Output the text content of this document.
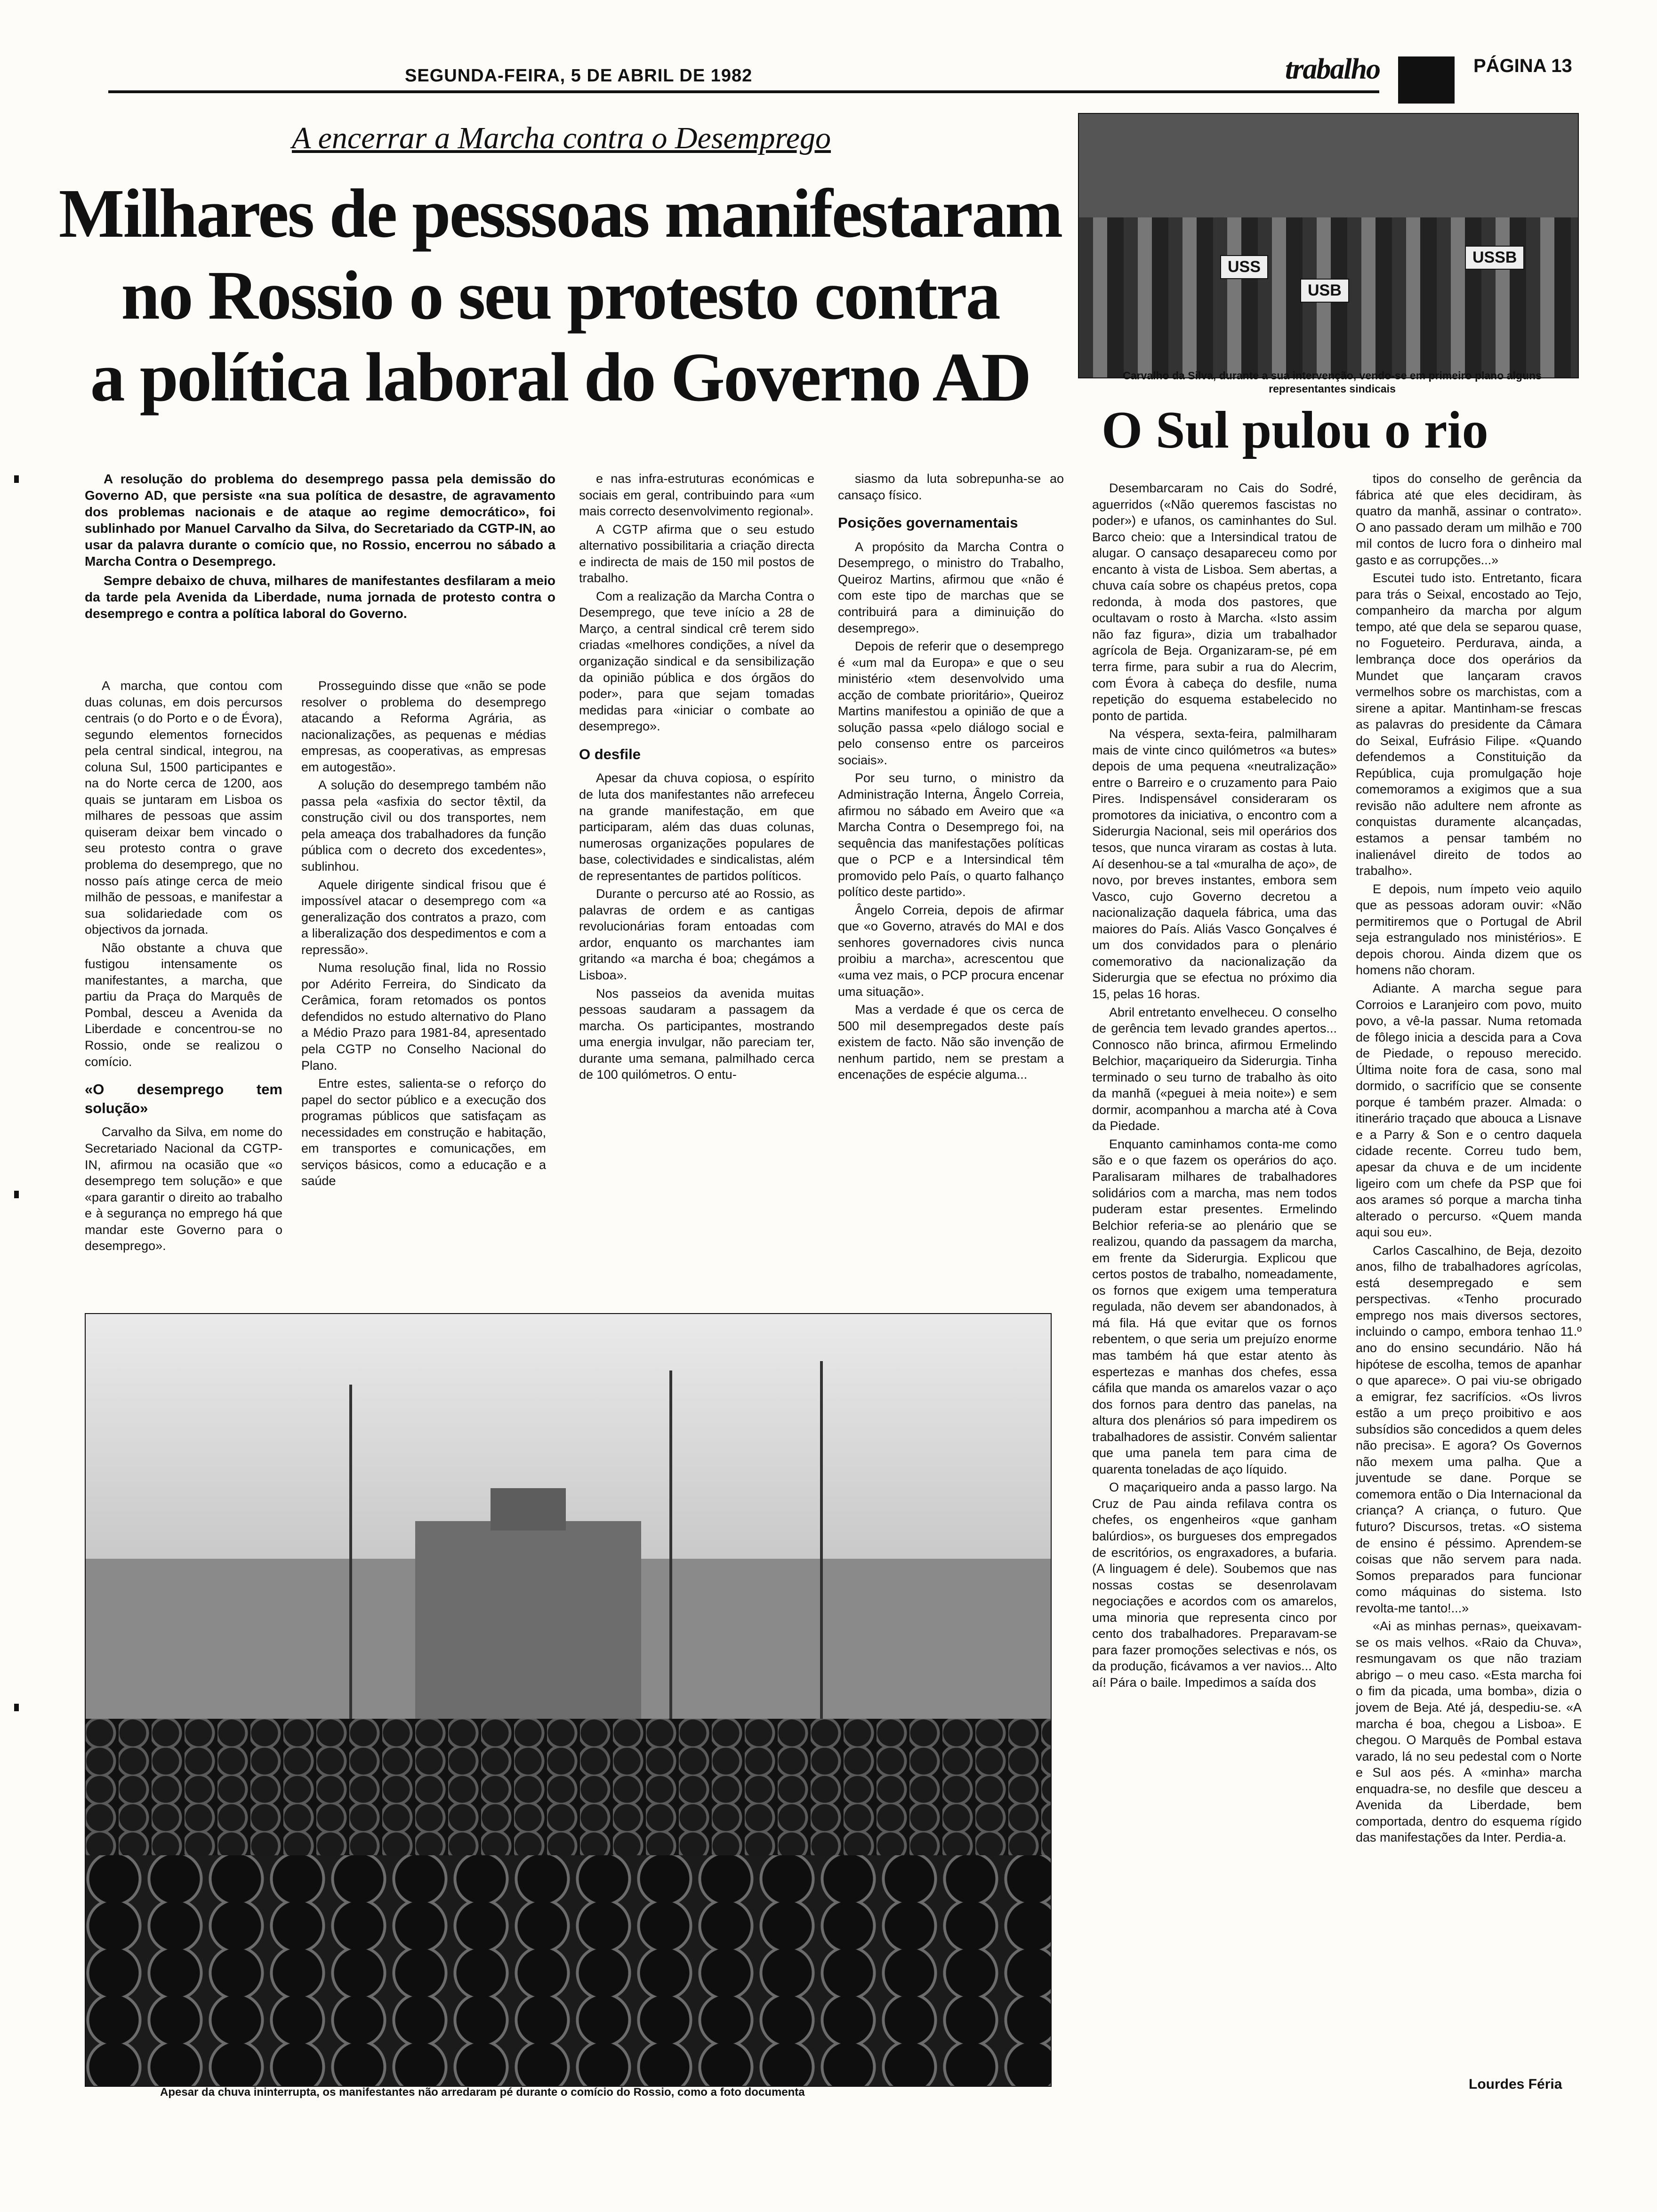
SEGUNDA-FEIRA, 5 DE ABRIL DE 1982	trabalho	PÁGINA 13
A encerrar a Marcha contra o Desemprego
Milhares de pesssoas manifestaram
no Rossio o seu protesto contra
a política laboral do Governo AD

A resolução do problema do desemprego passa pela demissão do Governo AD, que persiste «na sua política de desastre, de agravamento dos problemas nacionais e de ataque ao regime democrático», foi sublinhado por Manuel Carvalho da Silva, do Secretariado da CGTP-IN, ao usar da palavra durante o comício que, no Rossio, encerrou no sábado a Marcha Contra o Desemprego.

Sempre debaixo de chuva, milhares de manifestantes desfilaram a meio da tarde pela Avenida da Liberdade, numa jornada de protesto contra o desemprego e contra a política laboral do Governo.

A marcha, que contou com duas colunas, em dois percursos centrais (o do Porto e o de Évora), segundo elementos fornecidos pela central sindical, integrou, na coluna Sul, 1500 participantes e na do Norte cerca de 1200, aos quais se juntaram em Lisboa os milhares de pessoas que assim quiseram deixar bem vincado o seu protesto contra o grave problema do desemprego, que no nosso país atinge cerca de meio milhão de pessoas, e manifestar a sua solidariedade com os objectivos da jornada.

Não obstante a chuva que fustigou intensamente os manifestantes, a marcha, que partiu da Praça do Marquês de Pombal, desceu a Avenida da Liberdade e concentrou-se no Rossio, onde se realizou o comício.

«O desemprego tem solução»

Carvalho da Silva, em nome do Secretariado Nacional da CGTP-IN, afirmou na ocasião que «o desemprego tem solução» e que «para garantir o direito ao trabalho e à segurança no emprego há que mandar este Governo para o desemprego».

Prosseguindo disse que «não se pode resolver o problema do desemprego atacando a Reforma Agrária, as nacionalizações, as pequenas e médias empresas, as cooperativas, as empresas em autogestão».

A solução do desemprego também não passa pela «asfixia do sector têxtil, da construção civil ou dos transportes, nem pela ameaça dos trabalhadores da função pública com o decreto dos excedentes», sublinhou.

Aquele dirigente sindical frisou que é impossível atacar o desemprego com «a generalização dos contratos a prazo, com a liberalização dos despedimentos e com a repressão».

Numa resolução final, lida no Rossio por Adérito Ferreira, do Sindicato da Cerâmica, foram retomados os pontos defendidos no estudo alternativo do Plano a Médio Prazo para 1981-84, apresentado pela CGTP no Conselho Nacional do Plano.

Entre estes, salienta-se o reforço do papel do sector público e a execução dos programas públicos que satisfaçam as necessidades em construção e habitação, em transportes e comunicações, em serviços básicos, como a educação e a saúde

e nas infra-estruturas económicas e sociais em geral, contribuindo para «um mais correcto desenvolvimento regional».

A CGTP afirma que o seu estudo alternativo possibilitaria a criação directa e indirecta de mais de 150 mil postos de trabalho.

Com a realização da Marcha Contra o Desemprego, que teve início a 28 de Março, a central sindical crê terem sido criadas «melhores condições, a nível da organização sindical e da sensibilização da opinião pública e dos órgãos do poder», para que sejam tomadas medidas para «iniciar o combate ao desemprego».

O desfile

Apesar da chuva copiosa, o espírito de luta dos manifestantes não arrefeceu na grande manifestação, em que participaram, além das duas colunas, numerosas organizações populares de base, colectividades e sindicalistas, além de representantes de partidos políticos.

Durante o percurso até ao Rossio, as palavras de ordem e as cantigas revolucionárias foram entoadas com ardor, enquanto os marchantes iam gritando «a marcha é boa; chegámos a Lisboa».

Nos passeios da avenida muitas pessoas saudaram a passagem da marcha. Os participantes, mostrando uma energia invulgar, não pareciam ter, durante uma semana, palmilhado cerca de 100 quilómetros. O entu-

siasmo da luta sobrepunha-se ao cansaço físico.

Posições governamentais

A propósito da Marcha Contra o Desemprego, o ministro do Trabalho, Queiroz Martins, afirmou que «não é com este tipo de marchas que se contribuirá para a diminuição do desemprego».

Depois de referir que o desemprego é «um mal da Europa» e que o seu ministério «tem desenvolvido uma acção de combate prioritário», Queiroz Martins manifestou a opinião de que a solução passa «pelo diálogo social e pelo consenso entre os parceiros sociais».

Por seu turno, o ministro da Administração Interna, Ângelo Correia, afirmou no sábado em Aveiro que «a Marcha Contra o Desemprego foi, na sequência das manifestações políticas que o PCP e a Intersindical têm promovido pelo País, o quarto falhanço político deste partido».

Ângelo Correia, depois de afirmar que «o Governo, através do MAI e dos senhores governadores civis nunca proibiu a marcha», acrescentou que «uma vez mais, o PCP procura encenar uma situação».

Mas a verdade é que os cerca de 500 mil desempregados deste país existem de facto. Não são invenção de nenhum partido, nem se prestam a encenações de espécie alguma...

Apesar da chuva ininterrupta, os manifestantes não arredaram pé durante o comício do Rossio, como a foto documenta
USS
USB
USSB
Carvalho da Silva, durante a sua intervenção, vendo-se em primeiro plano alguns representantes sindicais
O Sul pulou o rio

Desembarcaram no Cais do Sodré, aguerridos («Não queremos fascistas no poder») e ufanos, os caminhantes do Sul. Barco cheio: que a Intersindical tratou de alugar. O cansaço desapareceu como por encanto à vista de Lisboa. Sem abertas, a chuva caía sobre os chapéus pretos, copa redonda, à moda dos pastores, que ocultavam o rosto à Marcha. «Isto assim não faz figura», dizia um trabalhador agrícola de Beja. Organizaram-se, pé em terra firme, para subir a rua do Alecrim, com Évora à cabeça do desfile, numa repetição do esquema estabelecido no ponto de partida.

Na véspera, sexta-feira, palmilharam mais de vinte cinco quilómetros «a butes» depois de uma pequena «neutralização» entre o Barreiro e o cruzamento para Paio Pires. Indispensável consideraram os promotores da iniciativa, o encontro com a Siderurgia Nacional, seis mil operários dos tesos, que nunca viraram as costas à luta. Aí desenhou-se a tal «muralha de aço», de novo, por breves instantes, embora sem Vasco, cujo Governo decretou a nacionalização daquela fábrica, uma das maiores do País. Aliás Vasco Gonçalves é um dos convidados para o plenário comemorativo da nacionalização da Siderurgia que se efectua no próximo dia 15, pelas 16 horas.

Abril entretanto envelheceu. O conselho de gerência tem levado grandes apertos... Connosco não brinca, afirmou Ermelindo Belchior, maçariqueiro da Siderurgia. Tinha terminado o seu turno de trabalho às oito da manhã («peguei à meia noite») e sem dormir, acompanhou a marcha até à Cova da Piedade.

Enquanto caminhamos conta-me como são e o que fazem os operários do aço. Paralisaram milhares de trabalhadores solidários com a marcha, mas nem todos puderam estar presentes. Ermelindo Belchior referia-se ao plenário que se realizou, quando da passagem da marcha, em frente da Siderurgia. Explicou que certos postos de trabalho, nomeadamente, os fornos que exigem uma temperatura regulada, não devem ser abandonados, à má fila. Há que evitar que os fornos rebentem, o que seria um prejuízo enorme mas também há que estar atento às espertezas e manhas dos chefes, essa cáfila que manda os amarelos vazar o aço dos fornos para dentro das panelas, na altura dos plenários só para impedirem os trabalhadores de assistir. Convém salientar que uma panela tem para cima de quarenta toneladas de aço líquido.

O maçariqueiro anda a passo largo. Na Cruz de Pau ainda refilava contra os chefes, os engenheiros «que ganham balúrdios», os burgueses dos empregados de escritórios, os engraxadores, a bufaria. (A linguagem é dele). Soubemos que nas nossas costas se desenrolavam negociações e acordos com os amarelos, uma minoria que representa cinco por cento dos trabalhadores. Preparavam-se para fazer promoções selectivas e nós, os da produção, ficávamos a ver navios... Alto aí! Pára o baile. Impedimos a saída dos

tipos do conselho de gerência da fábrica até que eles decidiram, às quatro da manhã, assinar o contrato». O ano passado deram um milhão e 700 mil contos de lucro fora o dinheiro mal gasto e as corrupções...»

Escutei tudo isto. Entretanto, ficara para trás o Seixal, encostado ao Tejo, companheiro da marcha por algum tempo, até que dela se separou quase, no Fogueteiro. Perdurava, ainda, a lembrança doce dos operários da Mundet que lançaram cravos vermelhos sobre os marchistas, com a sirene a apitar. Mantinham-se frescas as palavras do presidente da Câmara do Seixal, Eufrásio Filipe. «Quando defendemos a Constituição da República, cuja promulgação hoje comemoramos a exigimos que a sua revisão não adultere nem afronte as conquistas duramente alcançadas, estamos a pensar também no inalienável direito de todos ao trabalho».

E depois, num ímpeto veio aquilo que as pessoas adoram ouvir: «Não permitiremos que o Portugal de Abril seja estrangulado nos ministérios». E depois chorou. Ainda dizem que os homens não choram.

Adiante. A marcha segue para Corroios e Laranjeiro com povo, muito povo, a vê-la passar. Numa retomada de fôlego inicia a descida para a Cova de Piedade, o repouso merecido. Última noite fora de casa, sono mal dormido, o sacrifício que se consente porque é também prazer. Almada: o itinerário traçado que abouca a Lisnave e a Parry & Son e o centro daquela cidade recente. Correu tudo bem, apesar da chuva e de um incidente ligeiro com um chefe da PSP que foi aos arames só porque a marcha tinha alterado o percurso. «Quem manda aqui sou eu».

Carlos Cascalhino, de Beja, dezoito anos, filho de trabalhadores agrícolas, está desempregado e sem perspectivas. «Tenho procurado emprego nos mais diversos sectores, incluindo o campo, embora tenhao 11.º ano do ensino secundário. Não há hipótese de escolha, temos de apanhar o que aparece». O pai viu-se obrigado a emigrar, fez sacrifícios. «Os livros estão a um preço proibitivo e aos subsídios são concedidos a quem deles não precisa». E agora? Os Governos não mexem uma palha. Que a juventude se dane. Porque se comemora então o Dia Internacional da criança? A criança, o futuro. Que futuro? Discursos, tretas. «O sistema de ensino é péssimo. Aprendem-se coisas que não servem para nada. Somos preparados para funcionar como máquinas do sistema. Isto revolta-me tanto!...»

«Ai as minhas pernas», queixavam-se os mais velhos. «Raio da Chuva», resmungavam os que não traziam abrigo – o meu caso. «Esta marcha foi o fim da picada, uma bomba», dizia o jovem de Beja. Até já, despediu-se. «A marcha é boa, chegou a Lisboa». E chegou. O Marquês de Pombal estava varado, lá no seu pedestal com o Norte e Sul aos pés. A «minha» marcha enquadra-se, no desfile que desceu a Avenida da Liberdade, bem comportada, dentro do esquema rígido das manifestações da Inter. Perdia-a.

Lourdes Féria
